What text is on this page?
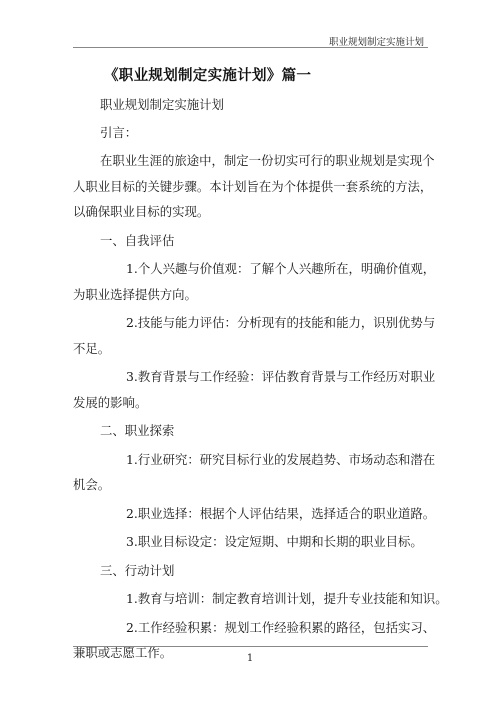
职业规划制定实施计划
《职业规划制定实施计划》篇一

职业规划制定实施计划

引言：

在职业生涯的旅途中，制定一份切实可行的职业规划是实现个
人职业目标的关键步骤。本计划旨在为个体提供一套系统的方法，
以确保职业目标的实现。

一、自我评估

1.个人兴趣与价值观：了解个人兴趣所在，明确价值观，
为职业选择提供方向。

2.技能与能力评估：分析现有的技能和能力，识别优势与
不足。

3.教育背景与工作经验：评估教育背景与工作经历对职业
发展的影响。

二、职业探索

1.行业研究：研究目标行业的发展趋势、市场动态和潜在
机会。

2.职业选择：根据个人评估结果，选择适合的职业道路。

3.职业目标设定：设定短期、中期和长期的职业目标。

三、行动计划

1.教育与培训：制定教育培训计划，提升专业技能和知识。

2.工作经验积累：规划工作经验积累的路径，包括实习、
兼职或志愿工作。	1
